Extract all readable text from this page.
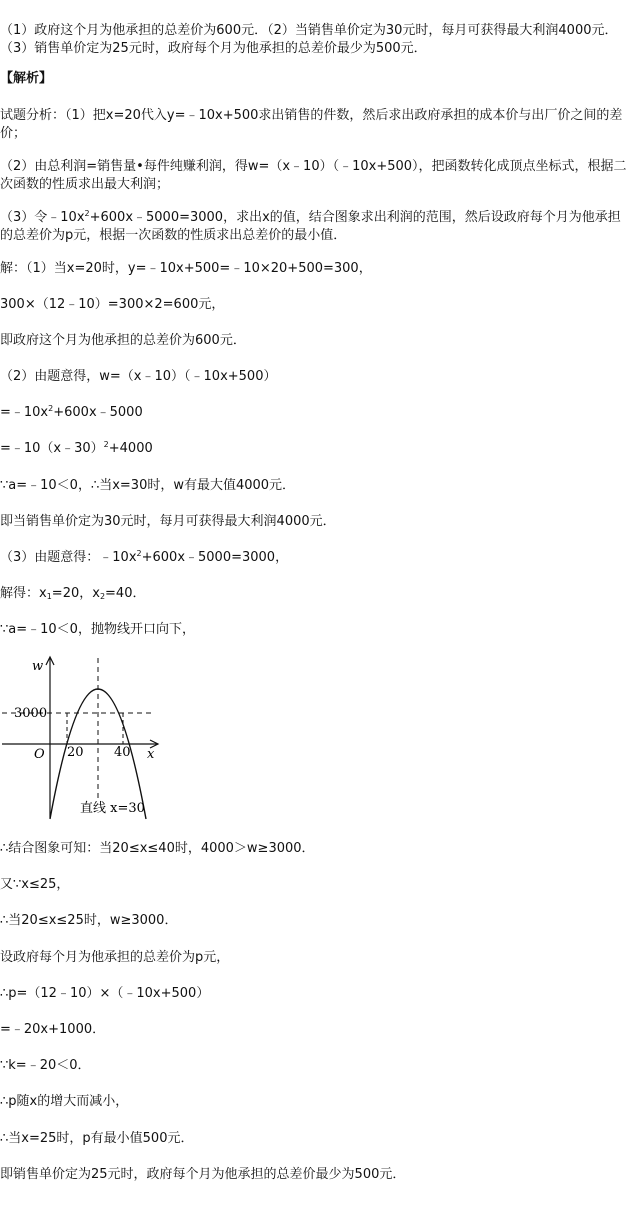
（1）政府这个月为他承担的总差价为600元．（2）当销售单价定为30元时，每月可获得最大利润4000元．（3）销售单价定为25元时，政府每个月为他承担的总差价最少为500元．
【解析】
试题分析：（1）把x=20代入y=﹣10x+500求出销售的件数，然后求出政府承担的成本价与出厂价之间的差价；
（2）由总利润=销售量•每件纯赚利润，得w=（x﹣10）（﹣10x+500），把函数转化成顶点坐标式，根据二次函数的性质求出最大利润；
（3）令$﹣10x^2+600x﹣5000=3000$，求出x的值，结合图象求出利润的范围，然后设政府每个月为他承担的总差价为p元，根据一次函数的性质求出总差价的最小值．
解：（1）当x=20时，y=﹣10x+500=﹣10×20+500=300，
300×（12﹣10）=300×2=600元，
即政府这个月为他承担的总差价为600元．
（2）由题意得，w=（x﹣10）（﹣10x+500）
$=﹣10x^2+600x﹣5000$
=﹣10（x﹣30）$^2$+4000
∵a=﹣10＜0，∴当x=30时，w有最大值4000元．
即当销售单价定为30元时，每月可获得最大利润4000元．
（3）由题意得：$﹣10x^2+600x﹣5000=3000$，
解得：$x_1=20$，$x_2=40$．
∵a=﹣10＜0，抛物线开口向下，
w
x
O
3000
20 40
直线 x=30
∴结合图象可知：当20≤x≤40时，4000＞w≥3000．
又∵x≤25，
∴当20≤x≤25时，w≥3000．
设政府每个月为他承担的总差价为p元，
∴p=（12﹣10）×（﹣10x+500）
=﹣20x+1000．
∵k=﹣20＜0．
∴p随x的增大而减小，
∴当x=25时，p有最小值500元．
即销售单价定为25元时，政府每个月为他承担的总差价最少为500元．
